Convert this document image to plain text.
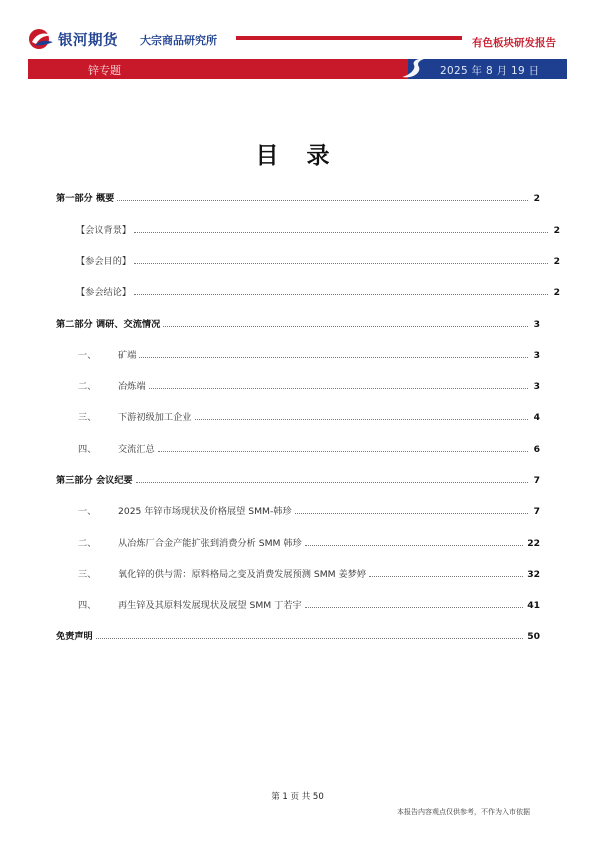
银河期货 大宗商品研究所	有色板块研发报告
锌专题	2025 年 8 月 19 日
目 录
第一部分 概要	2
【会议背景】	2
【参会目的】	2
【参会结论】	2
第二部分 调研、交流情况	3
一、	矿端	3
二、	冶炼端	3
三、	下游初级加工企业	4
四、	交流汇总	6
第三部分 会议纪要	7
一、	2025 年锌市场现状及价格展望 SMM-韩珍	7
二、	从冶炼厂合金产能扩张到消费分析 SMM 韩珍	22
三、	氧化锌的供与需：原料格局之变及消费发展预测 SMM 姜梦婷	32
四、	再生锌及其原料发展现状及展望 SMM 丁若宇	41
免责声明	50
第 1 页 共 50
本报告内容观点仅供参考，不作为入市依据
